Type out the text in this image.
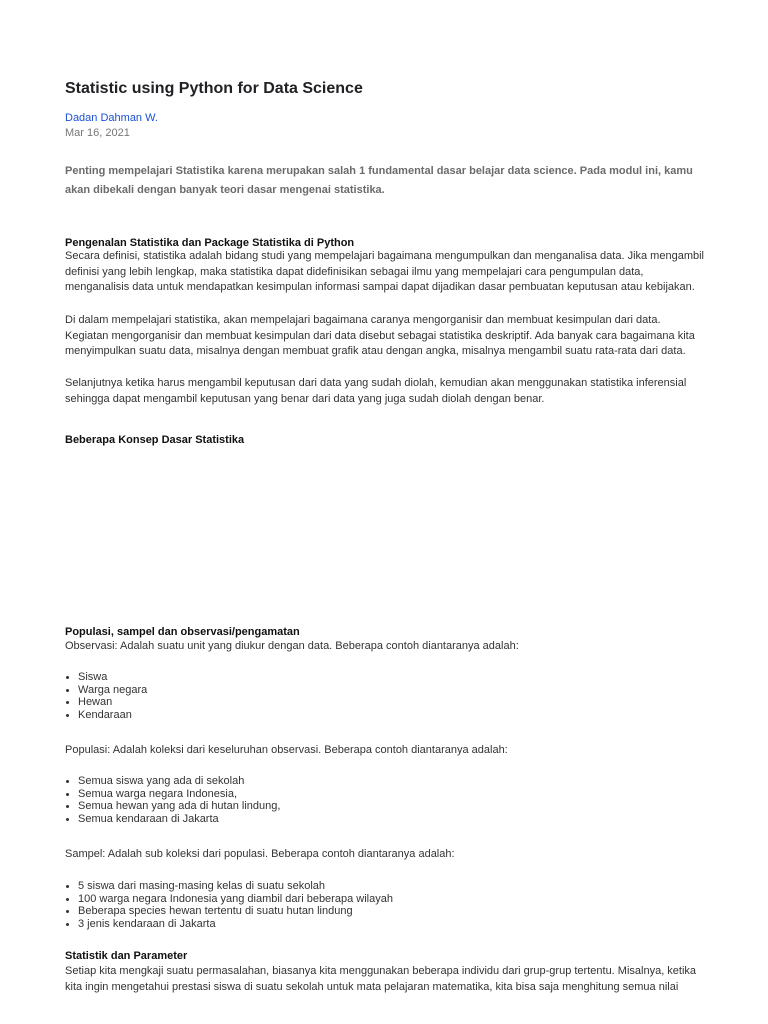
Statistic using Python for Data Science
Dadan Dahman W.
Mar 16, 2021

Penting mempelajari Statistika karena merupakan salah 1 fundamental dasar belajar data science. Pada modul ini, kamu akan dibekali dengan banyak teori dasar mengenai statistika.

Pengenalan Statistika dan Package Statistika di Python

Secara definisi, statistika adalah bidang studi yang mempelajari bagaimana mengumpulkan dan menganalisa data. Jika mengambil definisi yang lebih lengkap, maka statistika dapat didefinisikan sebagai ilmu yang mempelajari cara pengumpulan data, menganalisis data untuk mendapatkan kesimpulan informasi sampai dapat dijadikan dasar pembuatan keputusan atau kebijakan.

Di dalam mempelajari statistika, akan mempelajari bagaimana caranya mengorganisir dan membuat kesimpulan dari data. Kegiatan mengorganisir dan membuat kesimpulan dari data disebut sebagai statistika deskriptif. Ada banyak cara bagaimana kita menyimpulkan suatu data, misalnya dengan membuat grafik atau dengan angka, misalnya mengambil suatu rata-rata dari data.

Selanjutnya ketika harus mengambil keputusan dari data yang sudah diolah, kemudian akan menggunakan statistika inferensial sehingga dapat mengambil keputusan yang benar dari data yang juga sudah diolah dengan benar.

Beberapa Konsep Dasar Statistika
Populasi, sampel dan observasi/pengamatan

Observasi: Adalah suatu unit yang diukur dengan data. Beberapa contoh diantaranya adalah:

Siswa
Warga negara
Hewan
Kendaraan

Populasi: Adalah koleksi dari keseluruhan observasi. Beberapa contoh diantaranya adalah:

Semua siswa yang ada di sekolah
Semua warga negara Indonesia,
Semua hewan yang ada di hutan lindung,
Semua kendaraan di Jakarta

Sampel: Adalah sub koleksi dari populasi. Beberapa contoh diantaranya adalah:

5 siswa dari masing-masing kelas di suatu sekolah
100 warga negara Indonesia yang diambil dari beberapa wilayah
Beberapa species hewan tertentu di suatu hutan lindung
3 jenis kendaraan di Jakarta
Statistik dan Parameter

Setiap kita mengkaji suatu permasalahan, biasanya kita menggunakan beberapa individu dari grup-grup tertentu. Misalnya, ketika kita ingin mengetahui prestasi siswa di suatu sekolah untuk mata pelajaran matematika, kita bisa saja menghitung semua nilai
